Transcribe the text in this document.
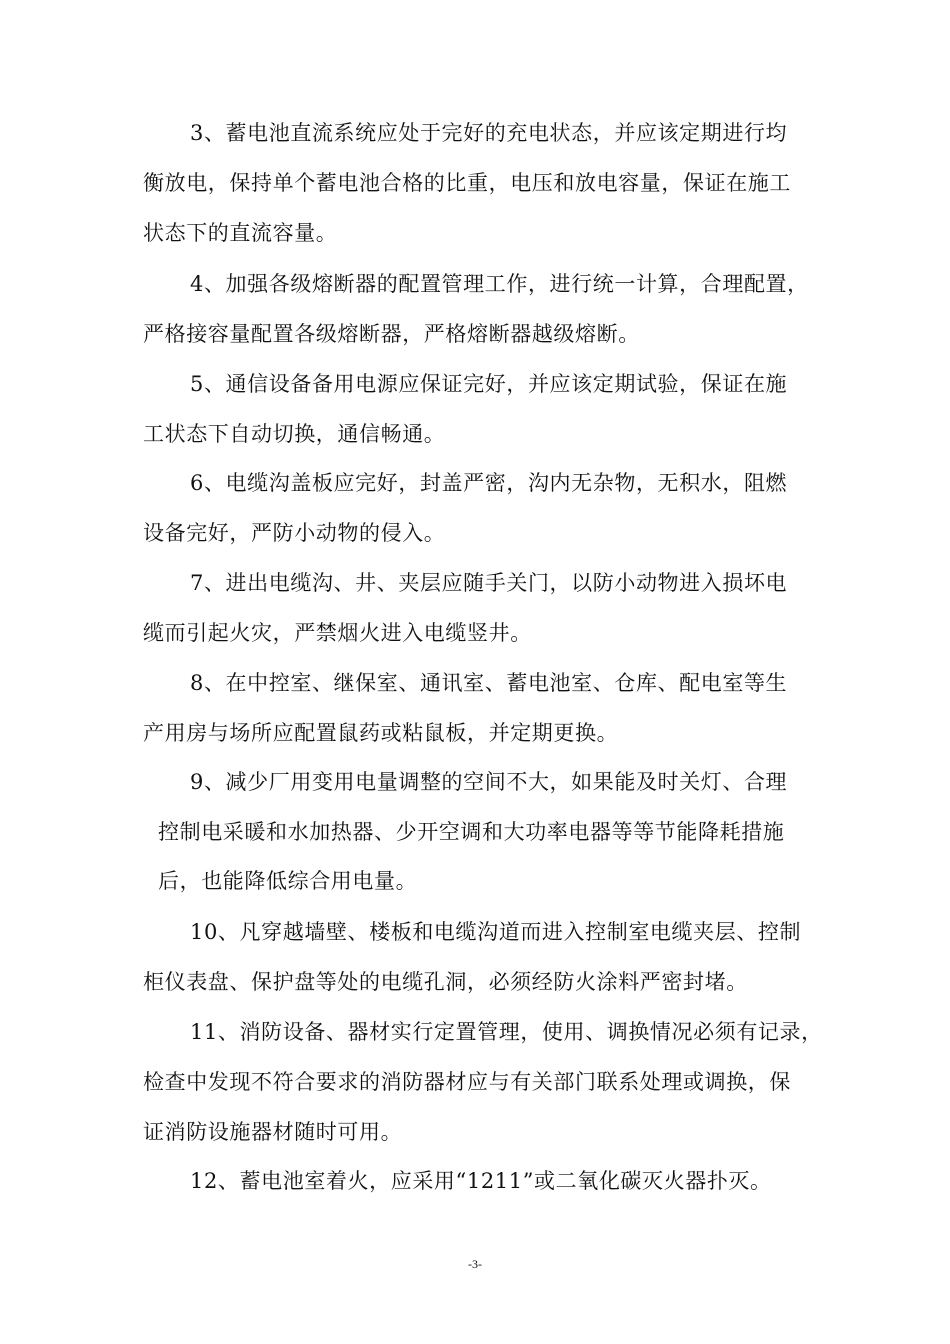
3、蓄电池直流系统应处于完好的充电状态，并应该定期进行均
衡放电，保持单个蓄电池合格的比重，电压和放电容量，保证在施工
状态下的直流容量。
4、加强各级熔断器的配置管理工作，进行统一计算，合理配置，
严格接容量配置各级熔断器，严格熔断器越级熔断。
5、通信设备备用电源应保证完好，并应该定期试验，保证在施
工状态下自动切换，通信畅通。
6、电缆沟盖板应完好，封盖严密，沟内无杂物，无积水，阻燃
设备完好，严防小动物的侵入。
7、进出电缆沟、井、夹层应随手关门，以防小动物进入损坏电
缆而引起火灾，严禁烟火进入电缆竖井。
8、在中控室、继保室、通讯室、蓄电池室、仓库、配电室等生
产用房与场所应配置鼠药或粘鼠板，并定期更换。
9、减少厂用变用电量调整的空间不大，如果能及时关灯、合理
控制电采暖和水加热器、少开空调和大功率电器等等节能降耗措施
后，也能降低综合用电量。
10、凡穿越墙壁、楼板和电缆沟道而进入控制室电缆夹层、控制
柜仪表盘、保护盘等处的电缆孔洞，必须经防火涂料严密封堵。
11、消防设备、器材实行定置管理，使用、调换情况必须有记录，
检查中发现不符合要求的消防器材应与有关部门联系处理或调换，保
证消防设施器材随时可用。
12、蓄电池室着火，应采用“1211”或二氧化碳灭火器扑灭。
-3-
